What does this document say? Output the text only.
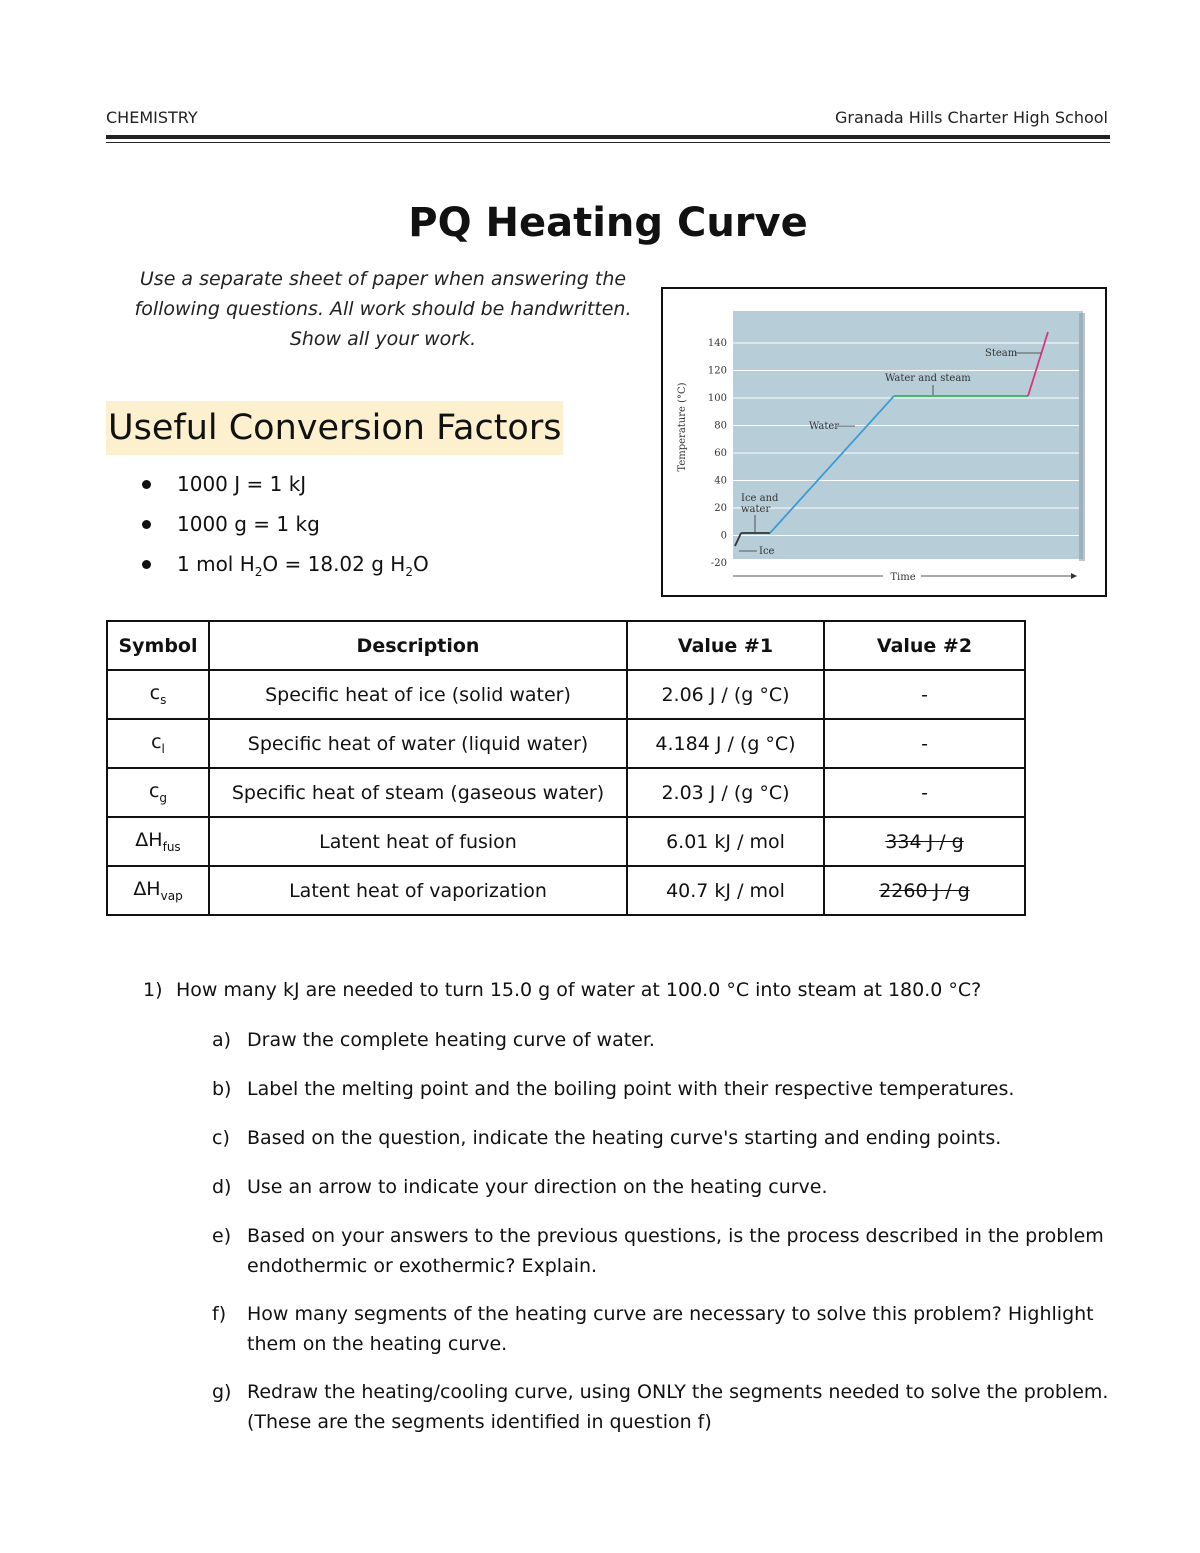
CHEMISTRY	Granada Hills Charter High School
PQ Heating Curve
Use a separate sheet of paper when answering the
following questions. All work should be handwritten.
Show all your work.
Useful Conversion Factors
1000 J = 1 kJ
1000 g = 1 kg
1 mol $H_2O = 18.02$ g $H_2O$
140
120
100
80
60
40
20
0
-20
Temperature (°C)
Time
Steam
Water and steam
Water
Ice and
water
Ice
Symbol	Description	Value #1	Value #2
$c_s$	Specific heat of ice (solid water)	2.06 J / (g °C)	-
$c_l$	Specific heat of water (liquid water)	4.184 J / (g °C)	-
$c_g$	Specific heat of steam (gaseous water)	2.03 J / (g °C)	-
$\Delta H_{fus}$	Latent heat of fusion	6.01 kJ / mol	334 J / g
$\Delta H_{vap}$	Latent heat of vaporization	40.7 kJ / mol	2260 J / g
1) How many kJ are needed to turn 15.0 g of water at 100.0 °C into steam at 180.0 °C?
a) Draw the complete heating curve of water.
b) Label the melting point and the boiling point with their respective temperatures.
c) Based on the question, indicate the heating curve's starting and ending points.
d) Use an arrow to indicate your direction on the heating curve.
e) Based on your answers to the previous questions, is the process described in the problem endothermic or exothermic? Explain.
f) How many segments of the heating curve are necessary to solve this problem? Highlight them on the heating curve.
g) Redraw the heating/cooling curve, using ONLY the segments needed to solve the problem. (These are the segments identified in question f)
